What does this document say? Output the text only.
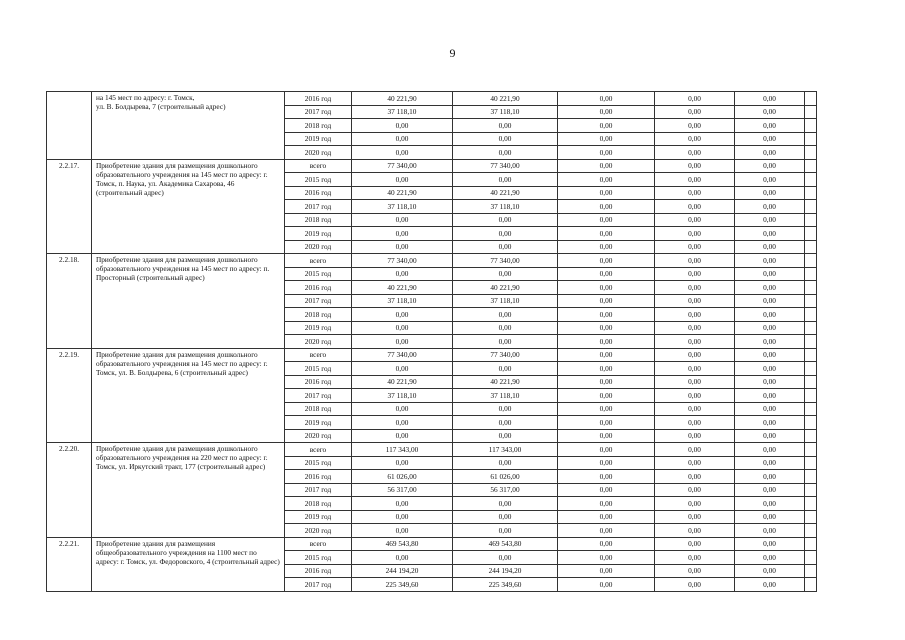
9
	на 145 мест по адресу: г. Томск,
ул. В. Болдырева, 7 (строительный адрес)	2016 год	40 221,90	40 221,90	0,00	0,00	0,00	
		2017 год	37 118,10	37 118,10	0,00	0,00	0,00	
		2018 год	0,00	0,00	0,00	0,00	0,00	
		2019 год	0,00	0,00	0,00	0,00	0,00	
		2020 год	0,00	0,00	0,00	0,00	0,00	
2.2.17.	Приобретение здания для размещения дошкольного образовательного учреждения на 145 мест по адресу: г. Томск, п. Наука, ул. Академика Сахарова, 46 (строительный адрес)	всего	77 340,00	77 340,00	0,00	0,00	0,00	
		2015 год	0,00	0,00	0,00	0,00	0,00	
		2016 год	40 221,90	40 221,90	0,00	0,00	0,00	
		2017 год	37 118,10	37 118,10	0,00	0,00	0,00	
		2018 год	0,00	0,00	0,00	0,00	0,00	
		2019 год	0,00	0,00	0,00	0,00	0,00	
		2020 год	0,00	0,00	0,00	0,00	0,00	
2.2.18.	Приобретение здания для размещения дошкольного образовательного учреждения на 145 мест по адресу: п. Просторный (строительный адрес)	всего	77 340,00	77 340,00	0,00	0,00	0,00	
		2015 год	0,00	0,00	0,00	0,00	0,00	
		2016 год	40 221,90	40 221,90	0,00	0,00	0,00	
		2017 год	37 118,10	37 118,10	0,00	0,00	0,00	
		2018 год	0,00	0,00	0,00	0,00	0,00	
		2019 год	0,00	0,00	0,00	0,00	0,00	
		2020 год	0,00	0,00	0,00	0,00	0,00	
2.2.19.	Приобретение здания для размещения дошкольного образовательного учреждения на 145 мест по адресу: г. Томск, ул. В. Болдырева, 6 (строительный адрес)	всего	77 340,00	77 340,00	0,00	0,00	0,00	
		2015 год	0,00	0,00	0,00	0,00	0,00	
		2016 год	40 221,90	40 221,90	0,00	0,00	0,00	
		2017 год	37 118,10	37 118,10	0,00	0,00	0,00	
		2018 год	0,00	0,00	0,00	0,00	0,00	
		2019 год	0,00	0,00	0,00	0,00	0,00	
		2020 год	0,00	0,00	0,00	0,00	0,00	
2.2.20.	Приобретение здания для размещения дошкольного образовательного учреждения на 220 мест по адресу: г. Томск, ул. Иркутский тракт, 177 (строительный адрес)	всего	117 343,00	117 343,00	0,00	0,00	0,00	
		2015 год	0,00	0,00	0,00	0,00	0,00	
		2016 год	61 026,00	61 026,00	0,00	0,00	0,00	
		2017 год	56 317,00	56 317,00	0,00	0,00	0,00	
		2018 год	0,00	0,00	0,00	0,00	0,00	
		2019 год	0,00	0,00	0,00	0,00	0,00	
		2020 год	0,00	0,00	0,00	0,00	0,00	
2.2.21.	Приобретение здания для размещения общеобразовательного учреждения на 1100 мест по адресу: г. Томск, ул. Федоровского, 4 (строительный адрес)	всего	469 543,80	469 543,80	0,00	0,00	0,00	
		2015 год	0,00	0,00	0,00	0,00	0,00	
		2016 год	244 194,20	244 194,20	0,00	0,00	0,00	
		2017 год	225 349,60	225 349,60	0,00	0,00	0,00	
